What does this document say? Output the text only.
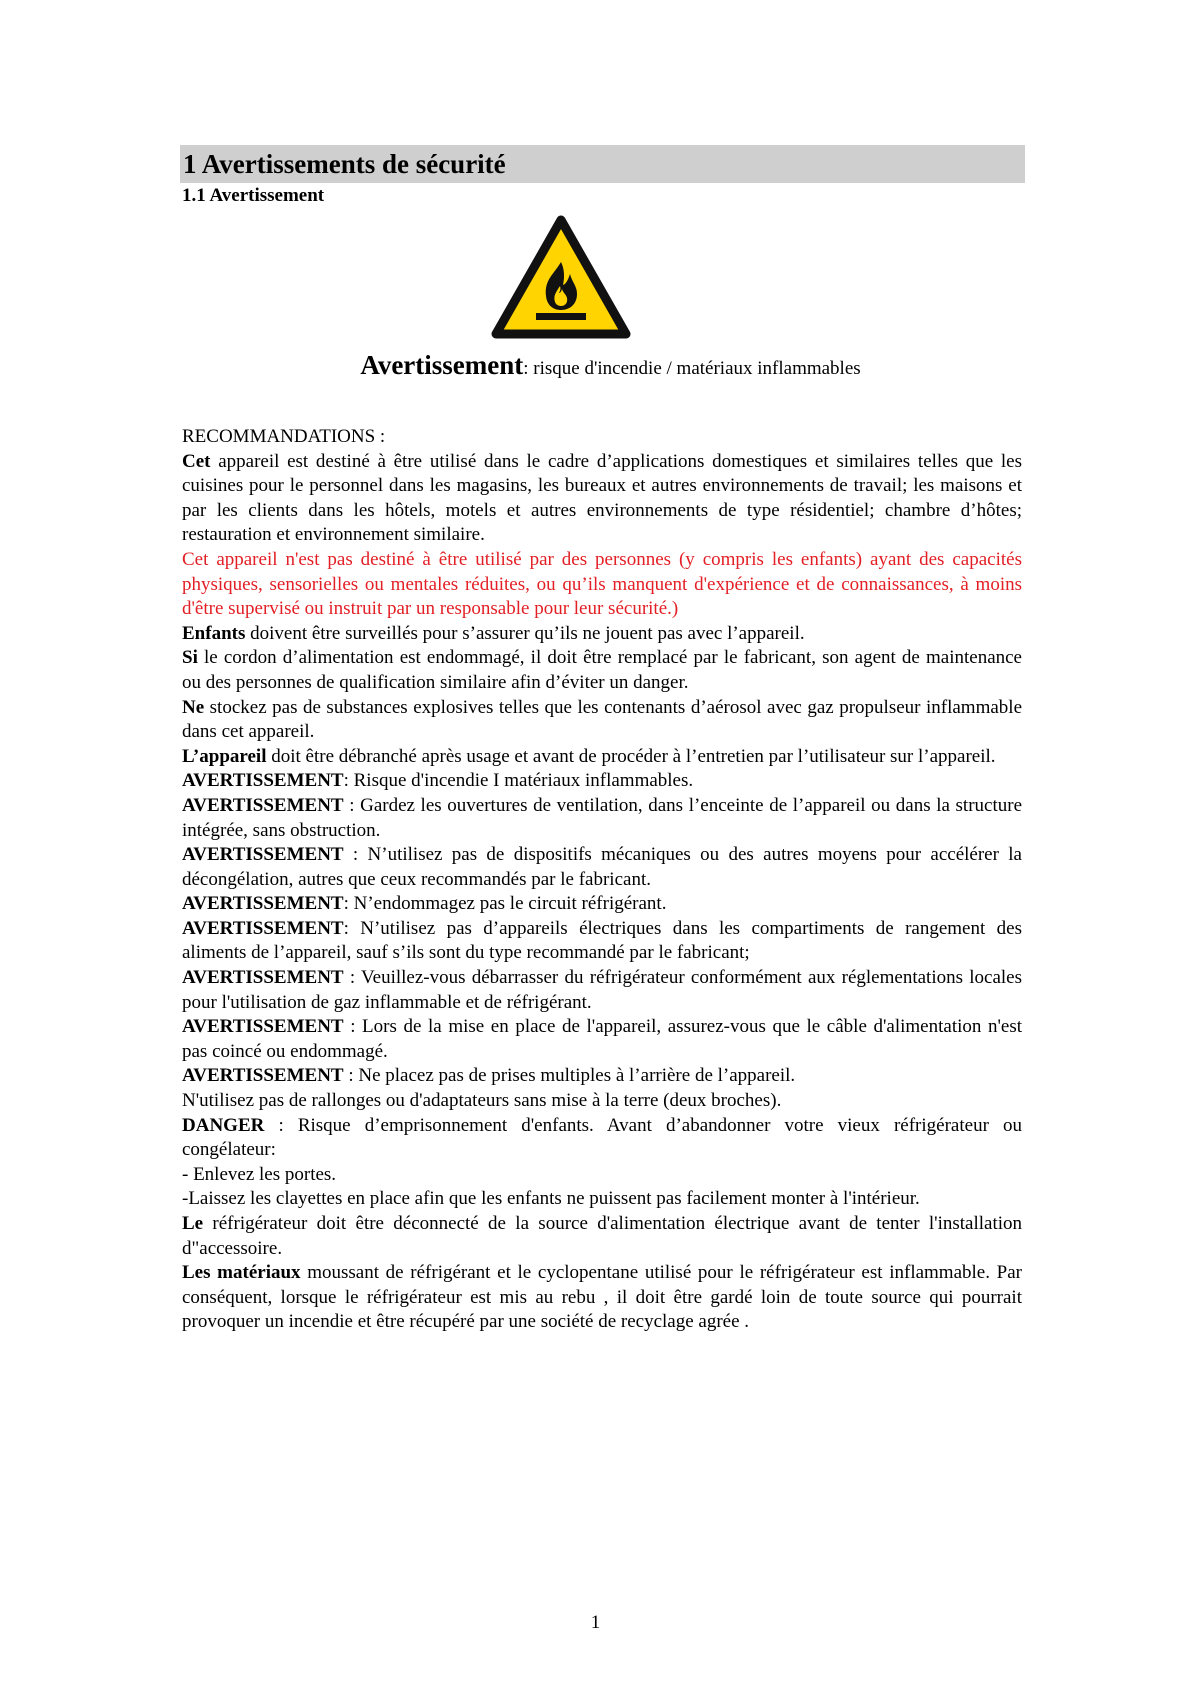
1 Avertissements de sécurité
1.1 Avertissement
Avertissement: risque d'incendie / matériaux inflammables

RECOMMANDATIONS :

Cet appareil est destiné à être utilisé dans le cadre d’applications domestiques et similaires telles que les cuisines pour le personnel dans les magasins, les bureaux et autres environnements de travail; les maisons et par les clients dans les hôtels, motels et autres environnements de type résidentiel; chambre d’hôtes; restauration et environnement similaire.

Cet appareil n'est pas destiné à être utilisé par des personnes (y compris les enfants) ayant des capacités physiques, sensorielles ou mentales réduites, ou qu’ils manquent d'expérience et de connaissances, à moins d'être supervisé ou instruit par un responsable pour leur sécurité.)

Enfants doivent être surveillés pour s’assurer qu’ils ne jouent pas avec l’appareil.

Si le cordon d’alimentation est endommagé, il doit être remplacé par le fabricant, son agent de maintenance ou des personnes de qualification similaire afin d’éviter un danger.

Ne stockez pas de substances explosives telles que les contenants d’aérosol avec gaz propulseur inflammable dans cet appareil.

L’appareil doit être débranché après usage et avant de procéder à l’entretien par l’utilisateur sur l’appareil.

AVERTISSEMENT: Risque d'incendie I matériaux inflammables.

AVERTISSEMENT : Gardez les ouvertures de ventilation, dans l’enceinte de l’appareil ou dans la structure intégrée, sans obstruction.

AVERTISSEMENT : N’utilisez pas de dispositifs mécaniques ou des autres moyens pour accélérer la décongélation, autres que ceux recommandés par le fabricant.

AVERTISSEMENT: N’endommagez pas le circuit réfrigérant.

AVERTISSEMENT: N’utilisez pas d’appareils électriques dans les compartiments de rangement des aliments de l’appareil, sauf s’ils sont du type recommandé par le fabricant;

AVERTISSEMENT : Veuillez-vous débarrasser du réfrigérateur conformément aux réglementations locales pour l'utilisation de gaz inflammable et de réfrigérant.

AVERTISSEMENT : Lors de la mise en place de l'appareil, assurez-vous que le câble d'alimentation n'est pas coincé ou endommagé.

AVERTISSEMENT : Ne placez pas de prises multiples à l’arrière de l’appareil.

N'utilisez pas de rallonges ou d'adaptateurs sans mise à la terre (deux broches).

DANGER : Risque d’emprisonnement d'enfants. Avant d’abandonner votre vieux réfrigérateur ou congélateur:

- Enlevez les portes.

-Laissez les clayettes en place afin que les enfants ne puissent pas facilement monter à l'intérieur.

Le réfrigérateur doit être déconnecté de la source d'alimentation électrique avant de tenter l'installation d"accessoire.

Les matériaux moussant de réfrigérant et le cyclopentane utilisé pour le réfrigérateur est inflammable. Par conséquent, lorsque le réfrigérateur est mis au rebu , il doit être gardé loin de toute source qui pourrait provoquer un incendie et être récupéré par une société de recyclage agrée .

1
